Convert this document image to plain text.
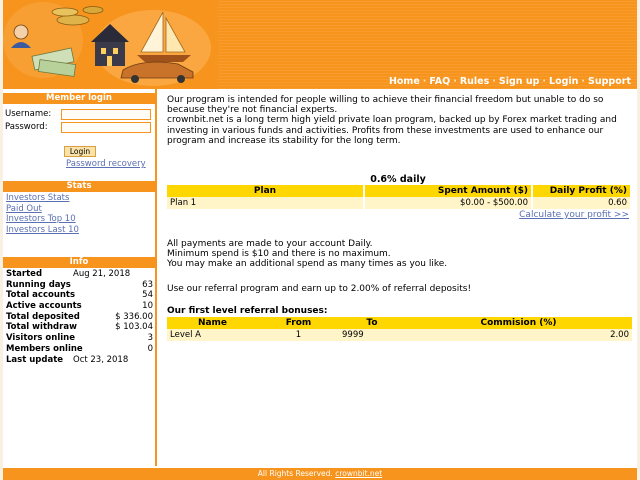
Home · FAQ · Rules · Sign up · Login · Support
Member login
Username:
Password:
Login
Password recovery
Stats
Investors Stats
Paid Out
Investors Top 10
Investors Last 10
Info
Started	Aug 21, 2018
Running days	63
Total accounts	54
Active accounts	10
Total deposited	$ 336.00
Total withdraw	$ 103.04
Visitors online	3
Members online	0
Last update Oct 23, 2018
Our program is intended for people willing to achieve their financial freedom but unable to do so because they're not financial experts.
crownbit.net is a long term high yield private loan program, backed up by Forex market trading and investing in various funds and activities. Profits from these investments are used to enhance our program and increase its stability for the long term.
0.6% daily
Plan	Spent Amount ($)	Daily Profit (%)
Plan 1	$0.00 - $500.00	0.60
Calculate your profit >>
All payments are made to your account Daily.
Minimum spend is $10 and there is no maximum.
You may make an additional spend as many times as you like.
Use our referral program and earn up to 2.00% of referral deposits!
Our first level referral bonuses:
Name	From	To	Commision (%)
Level A	1	9999	2.00
All Rights Reserved. crownbit.net
